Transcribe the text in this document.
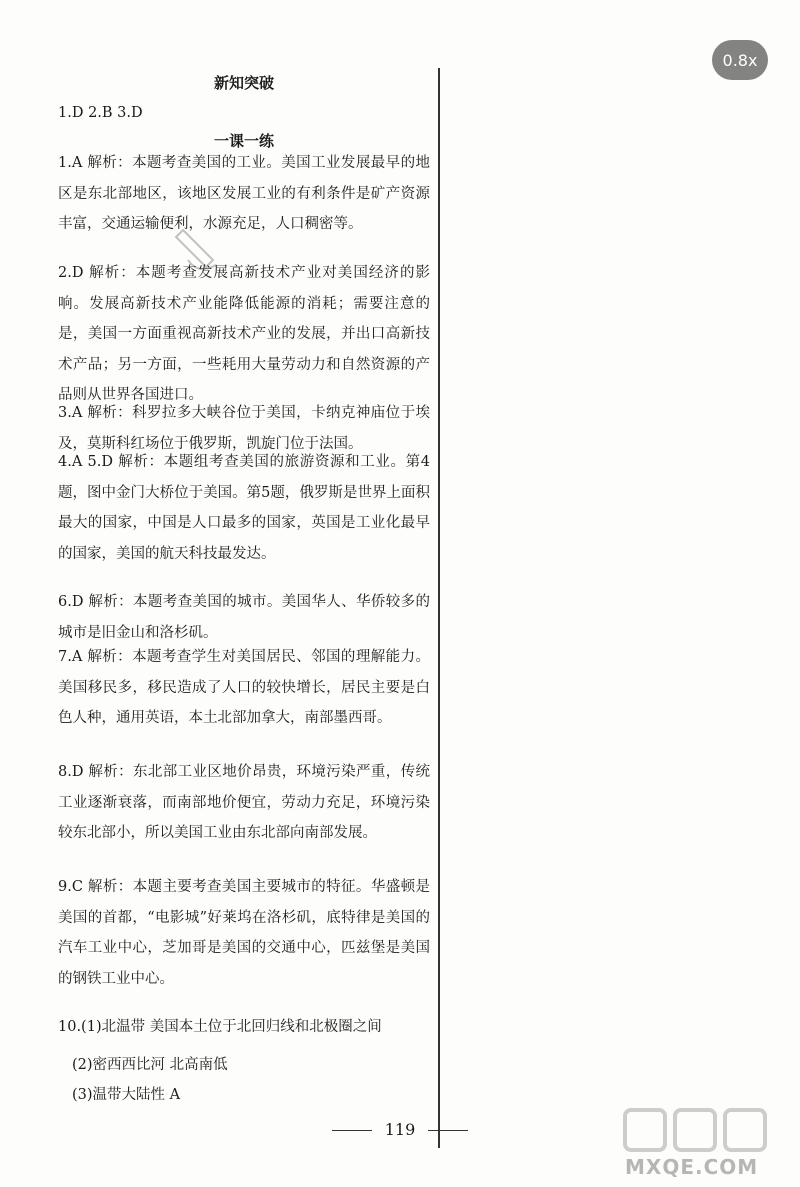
0.8x
新知突破
1.D 2.B 3.D
一课一练
1.A 解析：本题考查美国的工业。美国工业发展最早的地区是东北部地区，该地区发展工业的有利条件是矿产资源丰富，交通运输便利，水源充足，人口稠密等。
2.D 解析：本题考查发展高新技术产业对美国经济的影响。发展高新技术产业能降低能源的消耗；需要注意的是，美国一方面重视高新技术产业的发展，并出口高新技术产品；另一方面，一些耗用大量劳动力和自然资源的产品则从世界各国进口。
3.A 解析：科罗拉多大峡谷位于美国，卡纳克神庙位于埃及，莫斯科红场位于俄罗斯，凯旋门位于法国。
4.A 5.D 解析：本题组考查美国的旅游资源和工业。第4题，图中金门大桥位于美国。第5题，俄罗斯是世界上面积最大的国家，中国是人口最多的国家，英国是工业化最早的国家，美国的航天科技最发达。
6.D 解析：本题考查美国的城市。美国华人、华侨较多的城市是旧金山和洛杉矶。
7.A 解析：本题考查学生对美国居民、邻国的理解能力。美国移民多，移民造成了人口的较快增长，居民主要是白色人种，通用英语，本土北部加拿大，南部墨西哥。
8.D 解析：东北部工业区地价昂贵，环境污染严重，传统工业逐渐衰落，而南部地价便宜，劳动力充足，环境污染较东北部小，所以美国工业由东北部向南部发展。
9.C 解析：本题主要考查美国主要城市的特征。华盛顿是美国的首都，“电影城”好莱坞在洛杉矶，底特律是美国的汽车工业中心，芝加哥是美国的交通中心，匹兹堡是美国的钢铁工业中心。
10.(1)北温带 美国本土位于北回归线和北极圈之间
(2)密西西比河 北高南低
(3)温带大陆性 A
119
MXQE.COM
